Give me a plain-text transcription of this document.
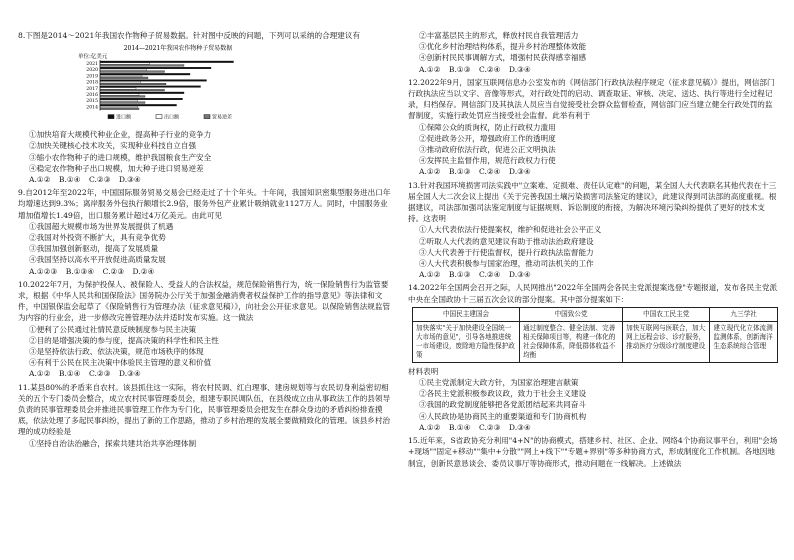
8.下图是2014～2021年我国农作物种子贸易数据。针对图中反映的问题，下列可以采纳的合理建议有

2014—2021年我国农作物种子贸易数据
单位:亿美元
2021
2020
2019
2018
2017
2016
2015
2014
进口额	出口额	贸易逆差

①加快培育大规模代种业企业，提高种子行业的竞争力

②加快关键核心技术攻关，实现种业科技自立自强

③缩小农作物种子的进口规模，维护我国粮食生产安全

④稳定农作物种子出口规模，加大种子进口贸易逆差

A.①② B.①④ C.②③ D.③④

9.自2012年至2022年，中国国际服务贸易交易会已经走过了十个年头。十年间，我国知识密集型服务进出口年均增速达到9.3%；离岸服务外包执行额增长2.9倍，服务外包产业累计吸纳就业1127万人。同时，中国服务业增加值增长1.49倍，出口服务累计超过4万亿美元。由此可见

①我国超大规模市场为世界发展提供了机遇

②我国对外投资不断扩大，具有竞争优势

③我国加强创新驱动，提高了发展质量

④我国坚持以高水平开放促进高质量发展

A.①②③ B.①③④ C.②③ D.②④

10.2022年7月，为保护投保人、被保险人、受益人的合法权益，规范保险销售行为，统一保险销售行为监管要求，根据《中华人民共和国保险法》国务院办公厅关于加强金融消费者权益保护工作的指导意见》等法律和文件，中国银保监会起草了《保险销售行为管理办法（征求意见稿）》，向社会公开征求意见。以保险销售法规监管为内容的行业会，进一步修改完善管理办法并适时发布实施。这一做法

①便利了公民通过社情民意反映制度参与民主决策

②目的是增强决策的参与度，提高决策的科学性和民主性

③是坚持依法行政、依法决策，规范市场秩序的体现

④有利于公民在民主决策中体验民主管理的意义和价值

A.①② B.①④ C.②③ D.③④

11.某县80%的矛盾来自农村。该县抓住这一实际，将农村民调、红白理事、建房规划等与农民切身利益密切相关的五个专门委员会整合，成立农村民事管理委员会，组建专职民调队伍，在县级成立由从事政法工作的县领导负责的民事管理委员会并推进民事管理工作作为专门化，民事管理委员会把发生在群众身边的矛盾纠纷排查摸底，依法处理了多起民事纠纷，提出了新的工作思路，推动了乡村治理的发展全要做精致化的管理。该县乡村治理的成功经验是

①坚持自治法治融合，探索共建共治共享治理体制

②丰富基层民主的形式，释放村民自我管理活力

③优化乡村治理结构体系，提升乡村治理整体效能

④创新村民民事调解方式，增强村民获得感幸福感

A.①② B.①③ C.②④ D.③④

12.2022年9月，国家互联网信息办公室发布的《网信部门行政执法程序规定（征求意见稿）》提出，网信部门行政执法应当以文字、音像等形式，对行政处罚的启动、调查取证、审核、决定、送达、执行等进行全过程记录，归档保存。网信部门及其执法人员应当自觉接受社会群众监督检查，网信部门应当建立健全行政处罚的监督制度，实施行政处罚应当接受社会监督。此举有利于

①保障公众的质询权，防止行政权力滥用

②促进政务公开，增强政府工作的透明度

③推动政府依法行政，促进公正文明执法

④发挥民主监督作用，规范行政权力行使

A.①② B.①③ C.②④ D.③④

13.针对我国环境损害司法实践中"立案难、定损难、责任认定难"的问题，某全国人大代表联名其他代表在十三届全国人大二次会议上提出《关于完善我国土壤污染损害司法鉴定的建议》，此建议得到司法部的高度重视。根据建议，司法部加强司法鉴定制度与证据规则、诉讼制度的衔接，为解决环境污染纠纷提供了更好的技术支持。这表明

①人大代表依法行使提案权，维护和促进社会公平正义

②听取人大代表的意见建议有助于推动法治政府建设

③人大代表善于行使监督权，提升行政执法监督能力

④人大代表积极参与国家治理，推动司法机关的工作

A.①② B.①③ C.②④ D.③④

14.2022年全国两会召开之际，人民网推出"2022年全国两会各民主党派提案选登"专题报道，发布各民主党派中央在全国政协十三届五次会议的部分提案。其中部分提案如下：

中国民主建国会	中国致公党	中国农工民主党	九三学社
加快落实"关于加快建设全国统一大市场的意见"，引导各地推进统一市场建设，废除地方隐性保护政策	通过制度整合、健全法制、完善相关保障项目等，构建一体化的社会保障体系，降低群体收益不均衡	加快互联网与医联合，加大网上远程会诊、诊疗服务，推动医疗分级诊疗制度建设	建立现代化立体流测监测体系，创新海洋生态系统综合管理

材料表明

①民主党派制定大政方针，为国家治理建言献策

②各民主党派积极参政议政，致力于社会主义建设

③我国的政党制度能够把各党派团结起来共同奋斗

④人民政协是协商民主的重要渠道和专门协商机构

A.①② B.①④ C.②③ D.③④

15.近年来，S省政协充分利用"4+N"的协商模式，搭建乡村、社区、企业、网络4个协商议事平台，利用"会场+现场""固定+移动""集中+分散""网上+线下""专题+界别"等多种协商方式，形成制度化工作机制。各地因地制宜，创新民意恳谈会、委员议事厅等协商形式，推动问题在一线解决。上述做法
